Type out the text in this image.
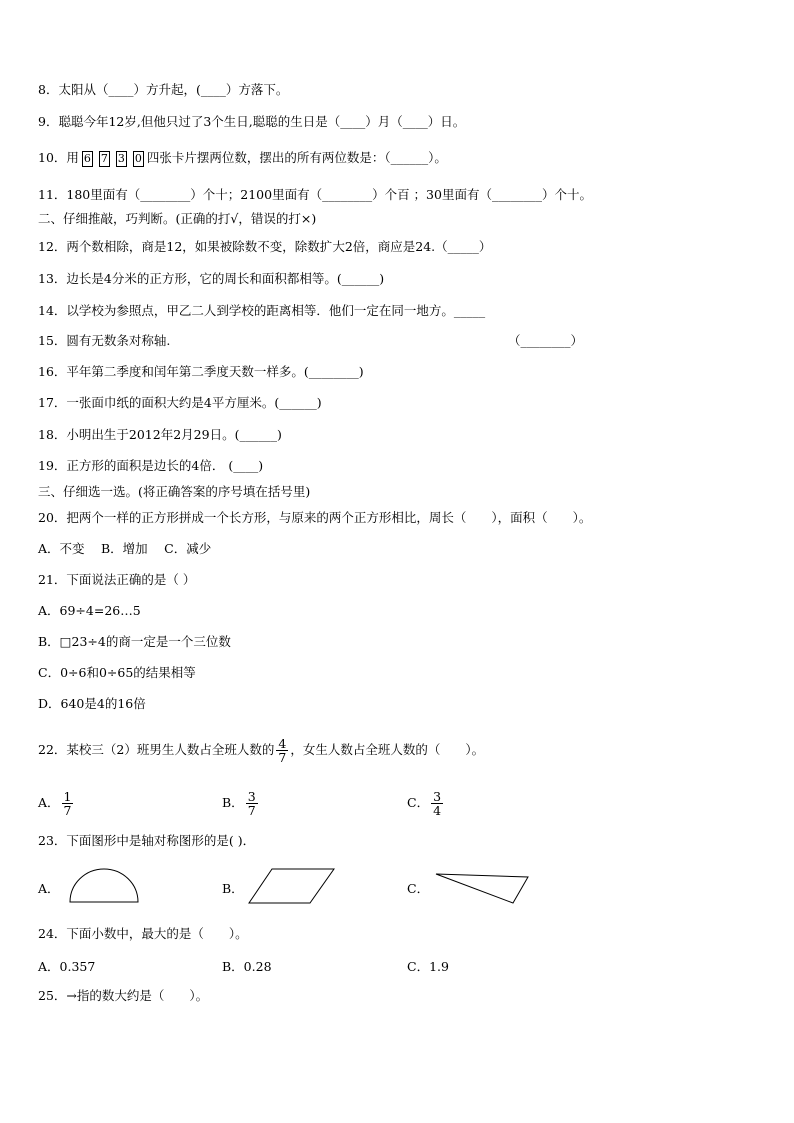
8．太阳从（____）方升起，(____）方落下。
9．聪聪今年12岁,但他只过了3个生日,聪聪的生日是（____）月（____）日。
10．用 6 7 3 0 四张卡片摆两位数，摆出的所有两位数是：（______）。
11．180里面有（________）个十；2100里面有（________）个百 ；30里面有（________）个十。
二、仔细推敲，巧判断。(正确的打√，错误的打×)
12．两个数相除，商是12，如果被除数不变，除数扩大2倍，商应是24.（_____）
13．边长是4分米的正方形，它的周长和面积都相等。(______)
14．以学校为参照点，甲乙二人到学校的距离相等．他们一定在同一地方。_____
15．圆有无数条对称轴.	（________）
16．平年第二季度和闰年第二季度天数一样多。(________)
17．一张面巾纸的面积大约是4平方厘米。(______)
18．小明出生于2012年2月29日。(______)
19．正方形的面积是边长的4倍． (____)
三、仔细选一选。(将正确答案的序号填在括号里)
20．把两个一样的正方形拼成一个长方形，与原来的两个正方形相比，周长（　　），面积（　　）。
A．不变　 B．增加　 C．减少
21．下面说法正确的是（ ）
A．69÷4=26…5
B．□23÷4的商一定是一个三位数
C．0÷6和0÷65的结果相等
D．640是4的16倍
22．某校三（2）班男生人数占全班人数的 $\frac{4}{7}$ ，女生人数占全班人数的（　　）。
A． $\frac{1}{7}$	B． $\frac{3}{7}$	C． $\frac{3}{4}$
23．下面图形中是轴对称图形的是( )．
A．	B．	C．
24．下面小数中，最大的是（　　）。
A．0.357	B．0.28	C．1.9
25．→指的数大约是（　　）。
